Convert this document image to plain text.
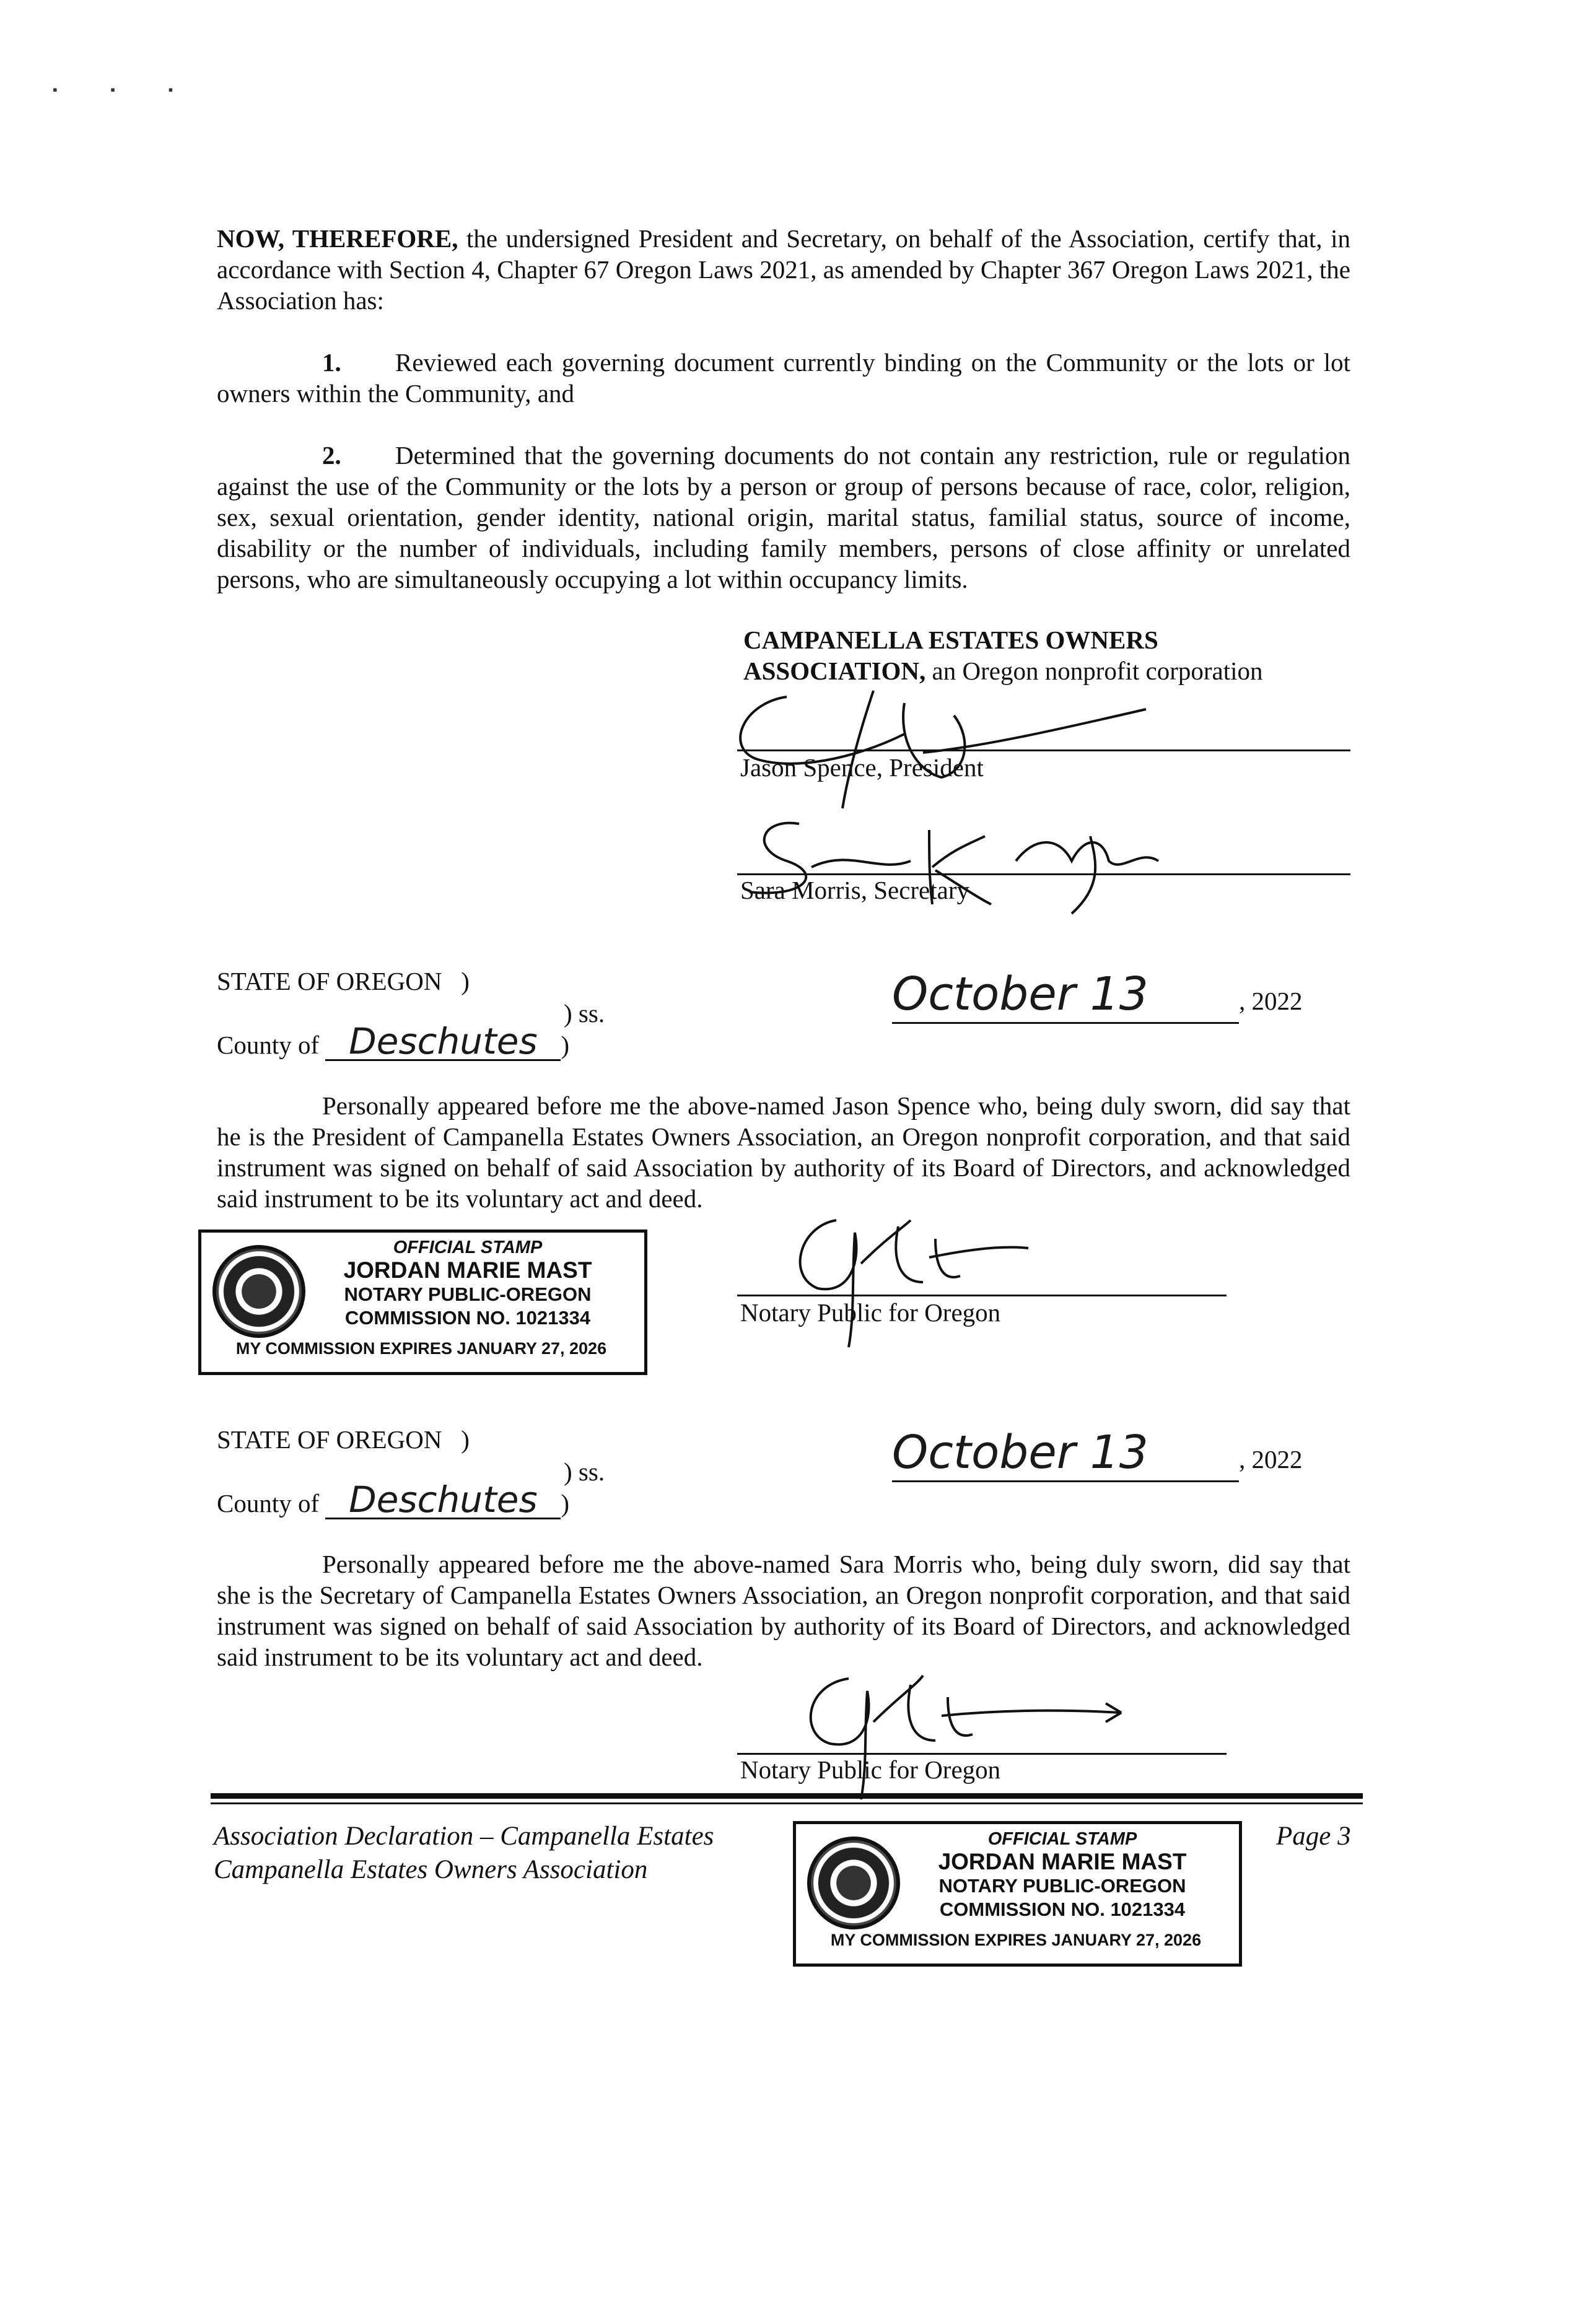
▪ ▪ ▪
NOW, THEREFORE, the undersigned President and Secretary, on behalf of the Association, certify that, in accordance with Section 4, Chapter 67 Oregon Laws 2021, as amended by Chapter 367 Oregon Laws 2021, the Association has:
1. Reviewed each governing document currently binding on the Community or the lots or lot owners within the Community, and
2. Determined that the governing documents do not contain any restriction, rule or regulation against the use of the Community or the lots by a person or group of persons because of race, color, religion, sex, sexual orientation, gender identity, national origin, marital status, familial status, source of income, disability or the number of individuals, including family members, persons of close affinity or unrelated persons, who are simultaneously occupying a lot within occupancy limits.
CAMPANELLA ESTATES OWNERS
ASSOCIATION, an Oregon nonprofit corporation
Jason Spence, President
Sara Morris, Secretary
STATE OF OREGON )
) ss.
County of Deschutes )
October 13	, 2022
Personally appeared before me the above-named Jason Spence who, being duly sworn, did say that he is the President of Campanella Estates Owners Association, an Oregon nonprofit corporation, and that said instrument was signed on behalf of said Association by authority of its Board of Directors, and acknowledged said instrument to be its voluntary act and deed.
OFFICIAL STAMP
JORDAN MARIE MAST
NOTARY PUBLIC-OREGON
COMMISSION NO. 1021334
MY COMMISSION EXPIRES JANUARY 27, 2026
Notary Public for Oregon
STATE OF OREGON )
) ss.
County of Deschutes )
October 13	, 2022
Personally appeared before me the above-named Sara Morris who, being duly sworn, did say that she is the Secretary of Campanella Estates Owners Association, an Oregon nonprofit corporation, and that said instrument was signed on behalf of said Association by authority of its Board of Directors, and acknowledged said instrument to be its voluntary act and deed.
Notary Public for Oregon
Association Declaration – Campanella Estates
Campanella Estates Owners Association
Page 3
OFFICIAL STAMP
JORDAN MARIE MAST
NOTARY PUBLIC-OREGON
COMMISSION NO. 1021334
MY COMMISSION EXPIRES JANUARY 27, 2026
